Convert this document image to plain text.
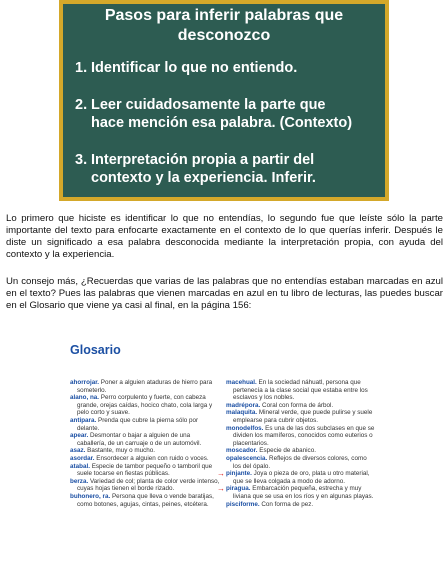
Pasos para inferir palabras que
desconozco
1. Identificar lo que no entiendo.
2. Leer cuidadosamente la parte que
hace mención esa palabra. (Contexto)
3. Interpretación propia a partir del
contexto y la experiencia. Inferir.

Lo primero que hiciste es identificar lo que no entendías, lo segundo fue que leíste sólo la parte importante del texto para enfocarte exactamente en el contexto de lo que querías inferir. Después le diste un significado a esa palabra desconocida mediante la interpretación propia, con ayuda del contexto y la experiencia.

Un consejo más, ¿Recuerdas que varias de las palabras que no entendías estaban marcadas en azul en el texto? Pues las palabras que vienen marcadas en azul en tu libro de lecturas, las puedes buscar en el Glosario que viene ya casi al final, en la página 156:

Glosario

ahorrojar. Poner a alguien ataduras de hierro para someterlo.

alano, na. Perro corpulento y fuerte, con cabeza grande, orejas caídas, hocico chato, cola larga y pelo corto y suave.

antipara. Prenda que cubre la pierna sólo por delante.

apear. Desmontar o bajar a alguien de una caballería, de un carruaje o de un automóvil.

asaz. Bastante, muy o mucho.

asordar. Ensordecer a alguien con ruido o voces.

atabal. Especie de tambor pequeño o tamboril que suele tocarse en fiestas públicas.

berza. Variedad de col; planta de color verde intenso, cuyas hojas tienen el borde rizado.

buhonero, ra. Persona que lleva o vende baratijas, como botones, agujas, cintas, peines, etcétera.

macehual. En la sociedad náhuatl, persona que pertenecía a la clase social que estaba entre los esclavos y los nobles.

madrépora. Coral con forma de árbol.

malaquita. Mineral verde, que puede pulirse y suele emplearse para cubrir objetos.

monodelfos. Es una de las dos subclases en que se dividen los mamíferos, conocidos como euterios o placentarios.

moscador. Especie de abanico.

opalescencia. Reflejos de diversos colores, como los del ópalo.

→ pinjante. Joya o pieza de oro, plata u otro material, que se lleva colgada a modo de adorno.

→ piragua. Embarcación pequeña, estrecha y muy liviana que se usa en los ríos y en algunas playas.

pisciforme. Con forma de pez.
